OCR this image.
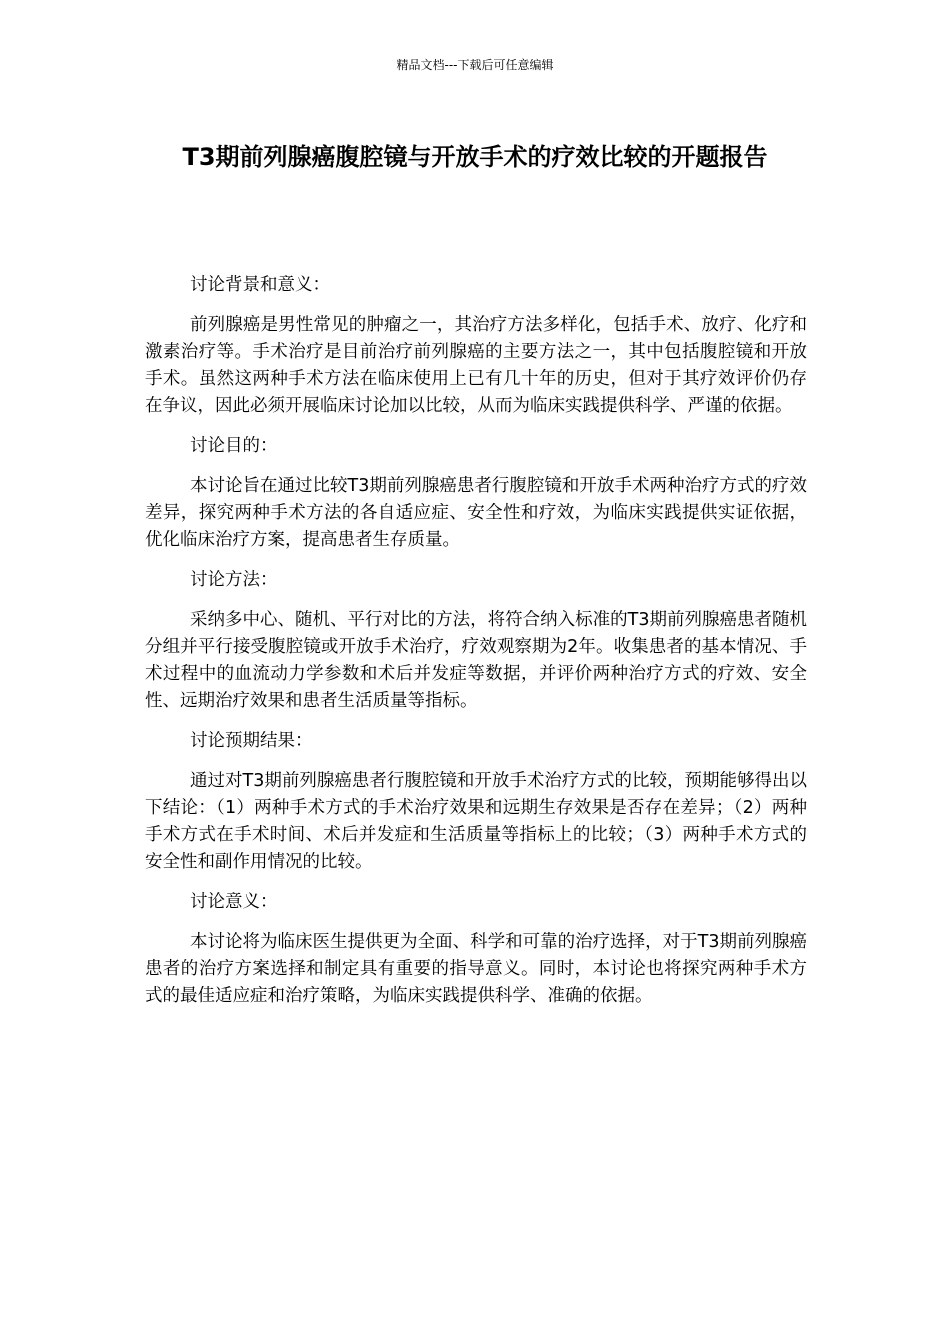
精品文档---下载后可任意编辑
T3期前列腺癌腹腔镜与开放手术的疗效比较的开题报告

讨论背景和意义：

前列腺癌是男性常见的肿瘤之一，其治疗方法多样化，包括手术、放疗、化疗和激素治疗等。手术治疗是目前治疗前列腺癌的主要方法之一，其中包括腹腔镜和开放手术。虽然这两种手术方法在临床使用上已有几十年的历史，但对于其疗效评价仍存在争议，因此必须开展临床讨论加以比较，从而为临床实践提供科学、严谨的依据。

讨论目的：

本讨论旨在通过比较T3期前列腺癌患者行腹腔镜和开放手术两种治疗方式的疗效差异，探究两种手术方法的各自适应症、安全性和疗效，为临床实践提供实证依据，优化临床治疗方案，提高患者生存质量。

讨论方法：

采纳多中心、随机、平行对比的方法，将符合纳入标准的T3期前列腺癌患者随机分组并平行接受腹腔镜或开放手术治疗，疗效观察期为2年。收集患者的基本情况、手术过程中的血流动力学参数和术后并发症等数据，并评价两种治疗方式的疗效、安全性、远期治疗效果和患者生活质量等指标。

讨论预期结果：

通过对T3期前列腺癌患者行腹腔镜和开放手术治疗方式的比较，预期能够得出以下结论：（1）两种手术方式的手术治疗效果和远期生存效果是否存在差异；（2）两种手术方式在手术时间、术后并发症和生活质量等指标上的比较；（3）两种手术方式的安全性和副作用情况的比较。

讨论意义：

本讨论将为临床医生提供更为全面、科学和可靠的治疗选择，对于T3期前列腺癌患者的治疗方案选择和制定具有重要的指导意义。同时，本讨论也将探究两种手术方式的最佳适应症和治疗策略，为临床实践提供科学、准确的依据。
